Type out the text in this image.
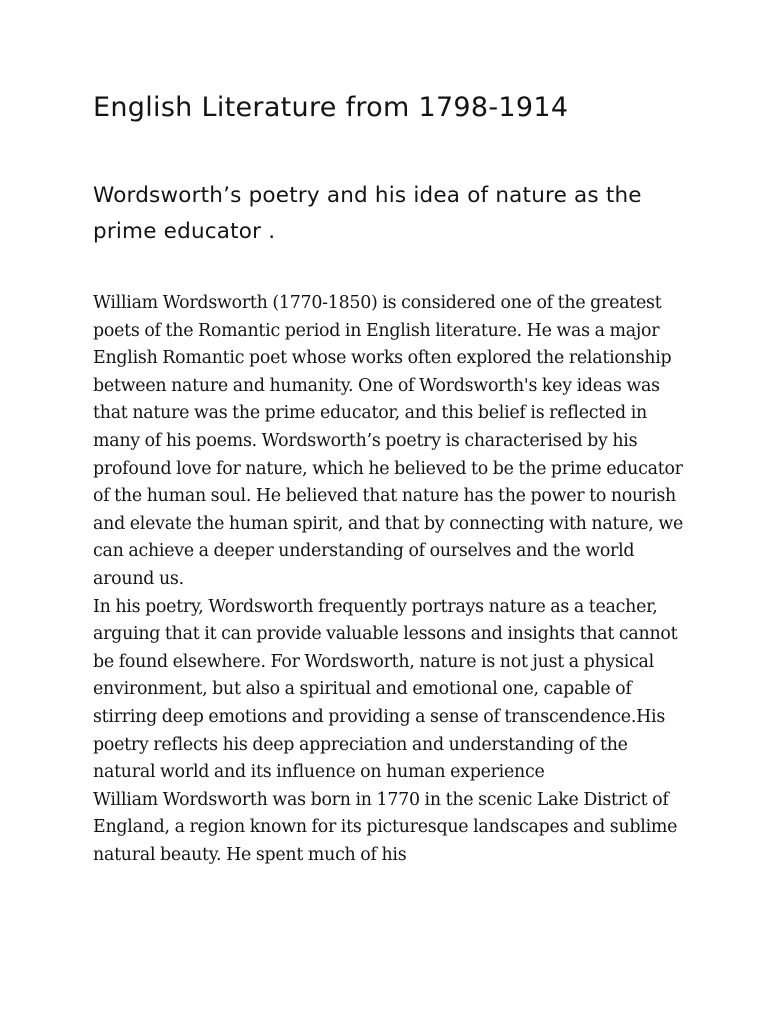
English Literature from 1798-1914
Wordsworth’s poetry and his idea of nature as the prime educator .

William Wordsworth (1770-1850) is considered one of the greatest poets of the Romantic period in English literature. He was a major English Romantic poet whose works often explored the relationship between nature and humanity. One of Wordsworth's key ideas was that nature was the prime educator, and this belief is reflected in many of his poems. Wordsworth’s poetry is characterised by his profound love for nature, which he believed to be the prime educator of the human soul. He believed that nature has the power to nourish and elevate the human spirit, and that by connecting with nature, we can achieve a deeper understanding of ourselves and the world around us.

In his poetry, Wordsworth frequently portrays nature as a teacher, arguing that it can provide valuable lessons and insights that cannot be found elsewhere. For Wordsworth, nature is not just a physical environment, but also a spiritual and emotional one, capable of stirring deep emotions and providing a sense of transcendence.His poetry reflects his deep appreciation and understanding of the natural world and its influence on human experience

William Wordsworth was born in 1770 in the scenic Lake District of England, a region known for its picturesque landscapes and sublime natural beauty. He spent much of his
